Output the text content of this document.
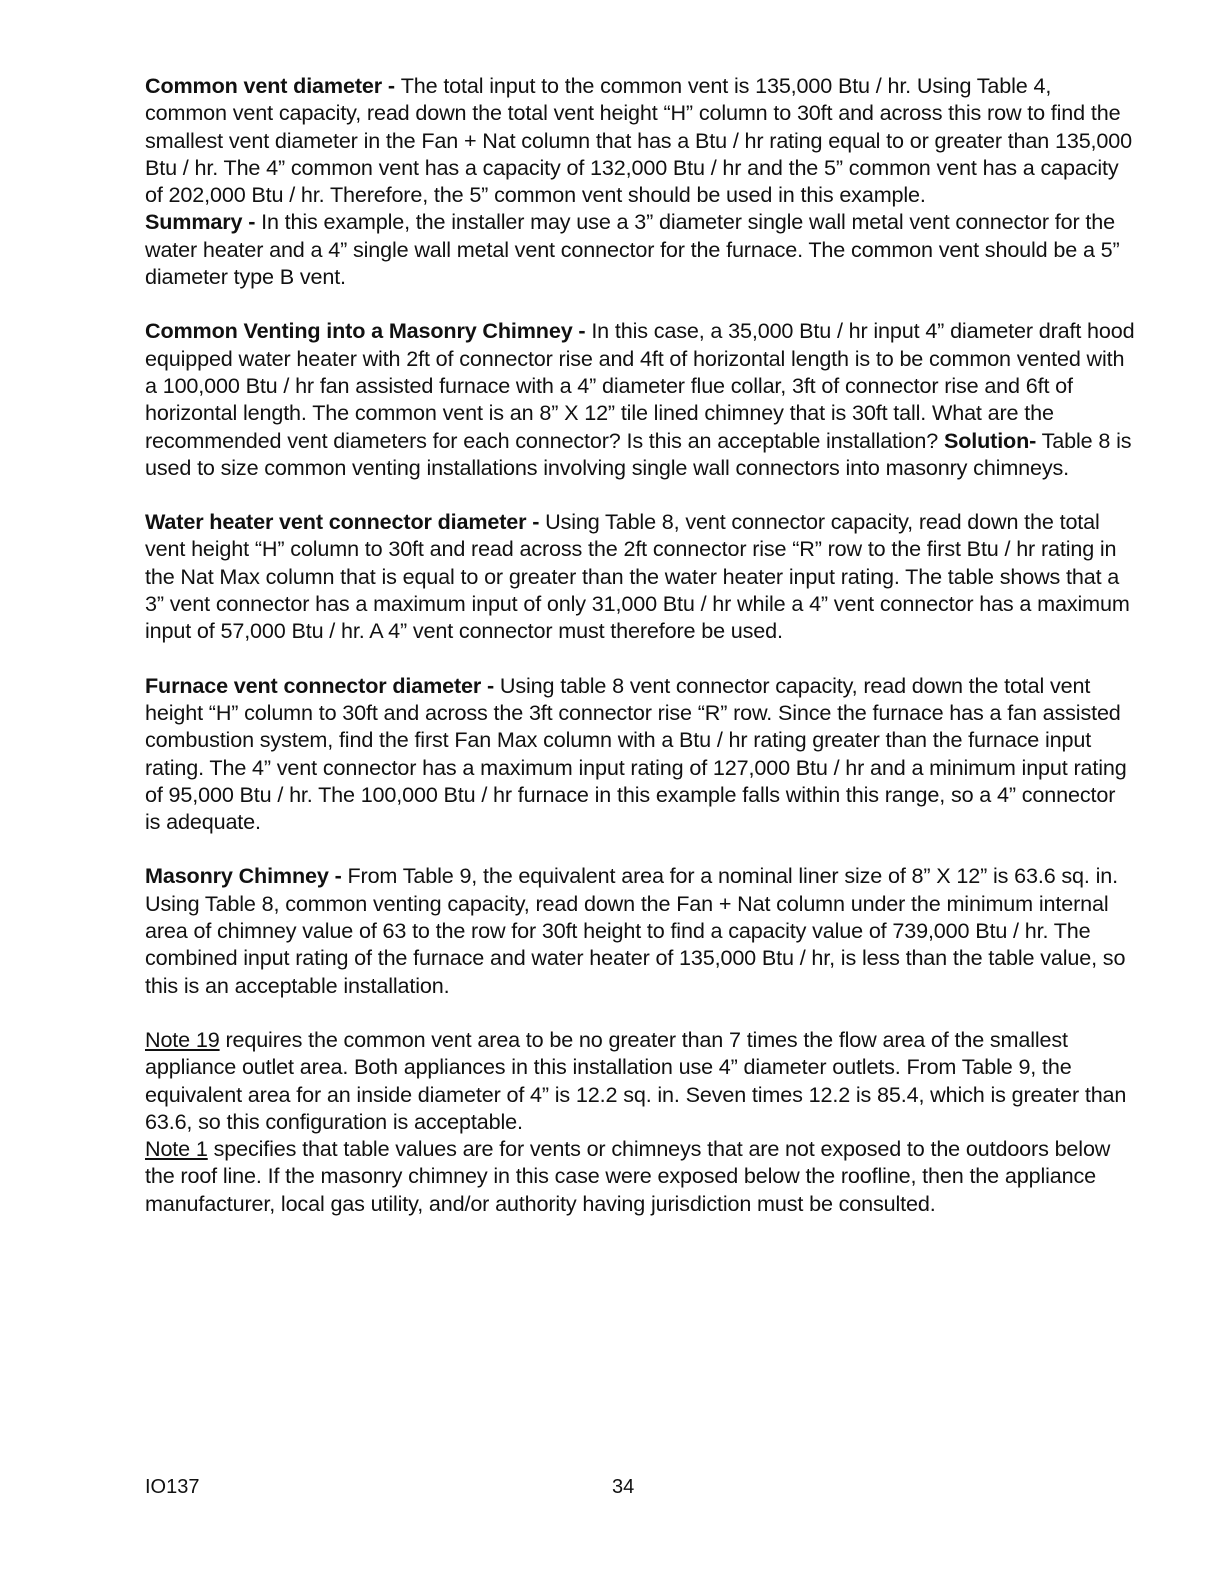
Common vent diameter - The total input to the common vent is 135,000 Btu / hr. Using Table 4, common vent capacity, read down the total vent height “H” column to 30ft and across this row to find the smallest vent diameter in the Fan + Nat column that has a Btu / hr rating equal to or greater than 135,000 Btu / hr. The 4” common vent has a capacity of 132,000 Btu / hr and the 5” common vent has a capacity of 202,000 Btu / hr. Therefore, the 5” common vent should be used in this example.

Summary - In this example, the installer may use a 3” diameter single wall metal vent connector for the water heater and a 4” single wall metal vent connector for the furnace. The common vent should be a 5” diameter type B vent.

Common Venting into a Masonry Chimney - In this case, a 35,000 Btu / hr input 4” diameter draft hood equipped water heater with 2ft of connector rise and 4ft of horizontal length is to be common vented with a 100,000 Btu / hr fan assisted furnace with a 4” diameter flue collar, 3ft of connector rise and 6ft of horizontal length. The common vent is an 8” X 12” tile lined chimney that is 30ft tall. What are the recommended vent diameters for each connector? Is this an acceptable installation? Solution- Table 8 is used to size common venting installations involving single wall connectors into masonry chimneys.

Water heater vent connector diameter - Using Table 8, vent connector capacity, read down the total vent height “H” column to 30ft and read across the 2ft connector rise “R” row to the first Btu / hr rating in the Nat Max column that is equal to or greater than the water heater input rating. The table shows that a 3” vent connector has a maximum input of only 31,000 Btu / hr while a 4” vent connector has a maximum input of 57,000 Btu / hr. A 4” vent connector must therefore be used.

Furnace vent connector diameter - Using table 8 vent connector capacity, read down the total vent height “H” column to 30ft and across the 3ft connector rise “R” row. Since the furnace has a fan assisted combustion system, find the first Fan Max column with a Btu / hr rating greater than the furnace input rating. The 4” vent connector has a maximum input rating of 127,000 Btu / hr and a minimum input rating of 95,000 Btu / hr. The 100,000 Btu / hr furnace in this example falls within this range, so a 4” connector is adequate.

Masonry Chimney - From Table 9, the equivalent area for a nominal liner size of 8” X 12” is 63.6 sq. in. Using Table 8, common venting capacity, read down the Fan + Nat column under the minimum internal area of chimney value of 63 to the row for 30ft height to find a capacity value of 739,000 Btu / hr. The combined input rating of the furnace and water heater of 135,000 Btu / hr, is less than the table value, so this is an acceptable installation.

Note 19 requires the common vent area to be no greater than 7 times the flow area of the smallest appliance outlet area. Both appliances in this installation use 4” diameter outlets. From Table 9, the equivalent area for an inside diameter of 4” is 12.2 sq. in. Seven times 12.2 is 85.4, which is greater than 63.6, so this configuration is acceptable.

Note 1 specifies that table values are for vents or chimneys that are not exposed to the outdoors below the roof line. If the masonry chimney in this case were exposed below the roofline, then the appliance manufacturer, local gas utility, and/or authority having jurisdiction must be consulted.

IO137	34
